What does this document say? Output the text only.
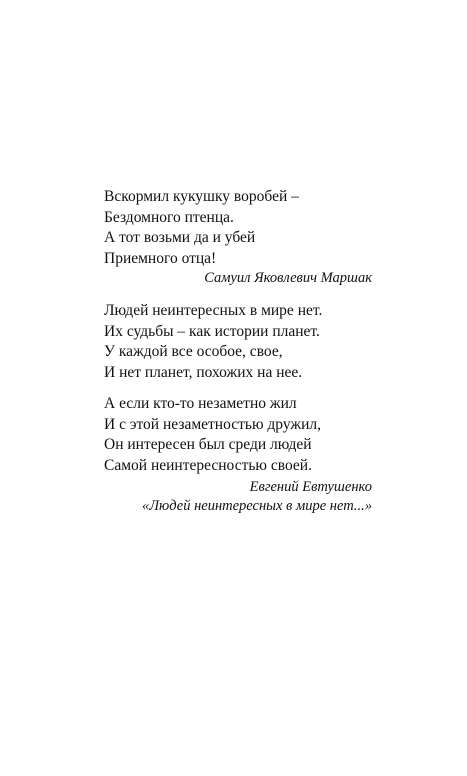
Вскормил кукушку воробей –
Бездомного птенца.
А тот возьми да и убей
Приемного отца!
Самуил Яковлевич Маршак
Людей неинтересных в мире нет.
Их судьбы – как истории планет.
У каждой все особое, свое,
И нет планет, похожих на нее.
А если кто-то незаметно жил
И с этой незаметностью дружил,
Он интересен был среди людей
Самой неинтересностью своей.
Евгений Евтушенко
«Людей неинтересных в мире нет...»
